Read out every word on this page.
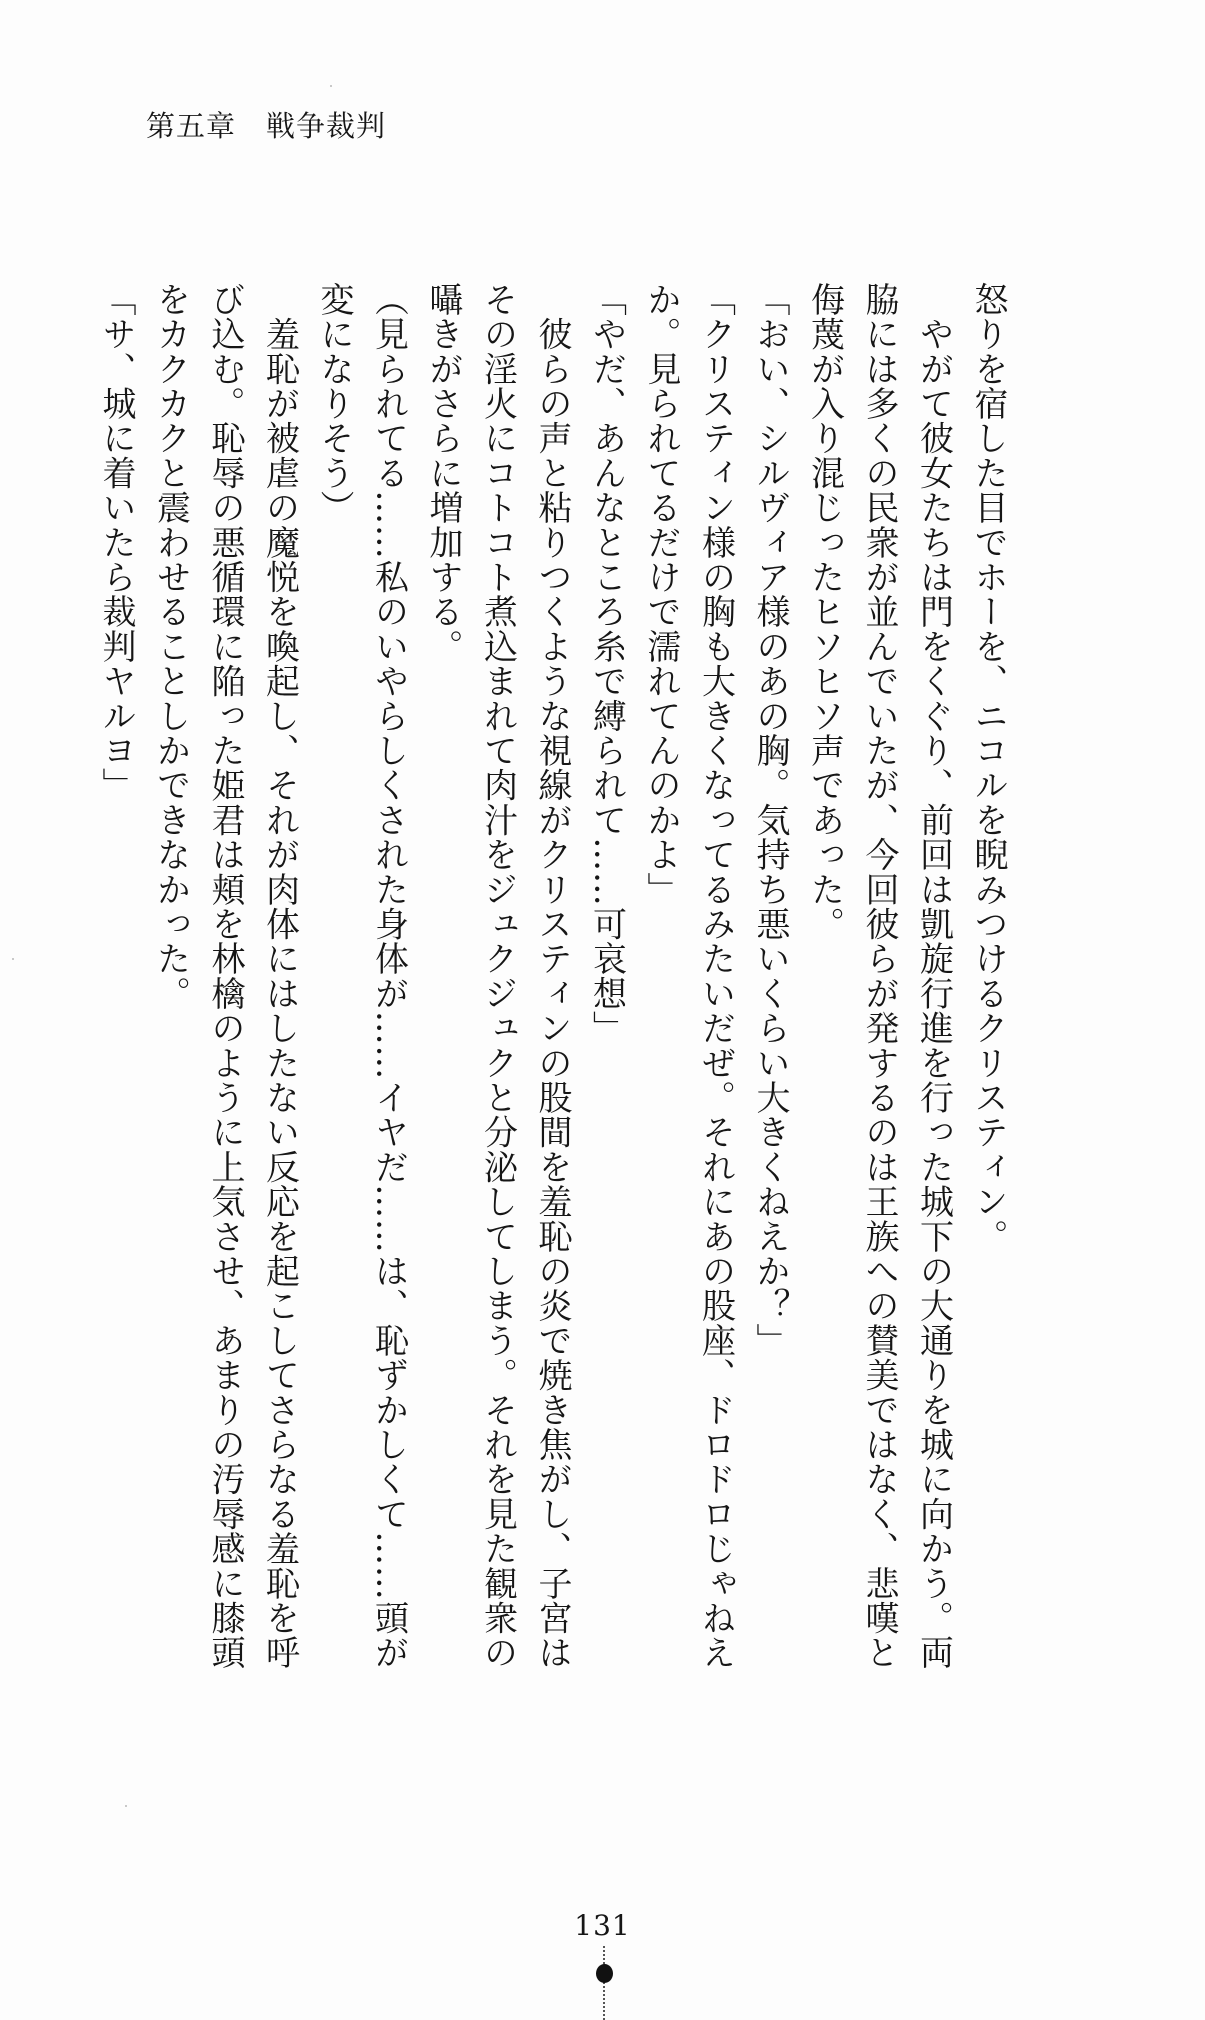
第五章　戦争裁判
怒りを宿した目でホーを、ニコルを睨みつけるクリスティン。
　やがて彼女たちは門をくぐり、前回は凱旋行進を行った城下の大通りを城に向かう。両
脇には多くの民衆が並んでいたが、今回彼らが発するのは王族への賛美ではなく、悲嘆と
侮蔑が入り混じったヒソヒソ声であった。
「おい、シルヴィア様のあの胸。気持ち悪いくらい大きくねえか？」
「クリスティン様の胸も大きくなってるみたいだぜ。それにあの股座、ドロドロじゃねえ
か。見られてるだけで濡れてんのかよ」
「やだ、あんなところ糸で縛られて……可哀想」
　彼らの声と粘りつくような視線がクリスティンの股間を羞恥の炎で焼き焦がし、子宮は
その淫火にコトコト煮込まれて肉汁をジュクジュクと分泌してしまう。それを見た観衆の
囁きがさらに増加する。
（見られてる……私のいやらしくされた身体が……イヤだ……は、恥ずかしくて……頭が
変になりそう）
　羞恥が被虐の魔悦を喚起し、それが肉体にはしたない反応を起こしてさらなる羞恥を呼
び込む。恥辱の悪循環に陥った姫君は頬を林檎のように上気させ、あまりの汚辱感に膝頭
をカクカクと震わせることしかできなかった。
「サ、城に着いたら裁判ヤルヨ」
131
